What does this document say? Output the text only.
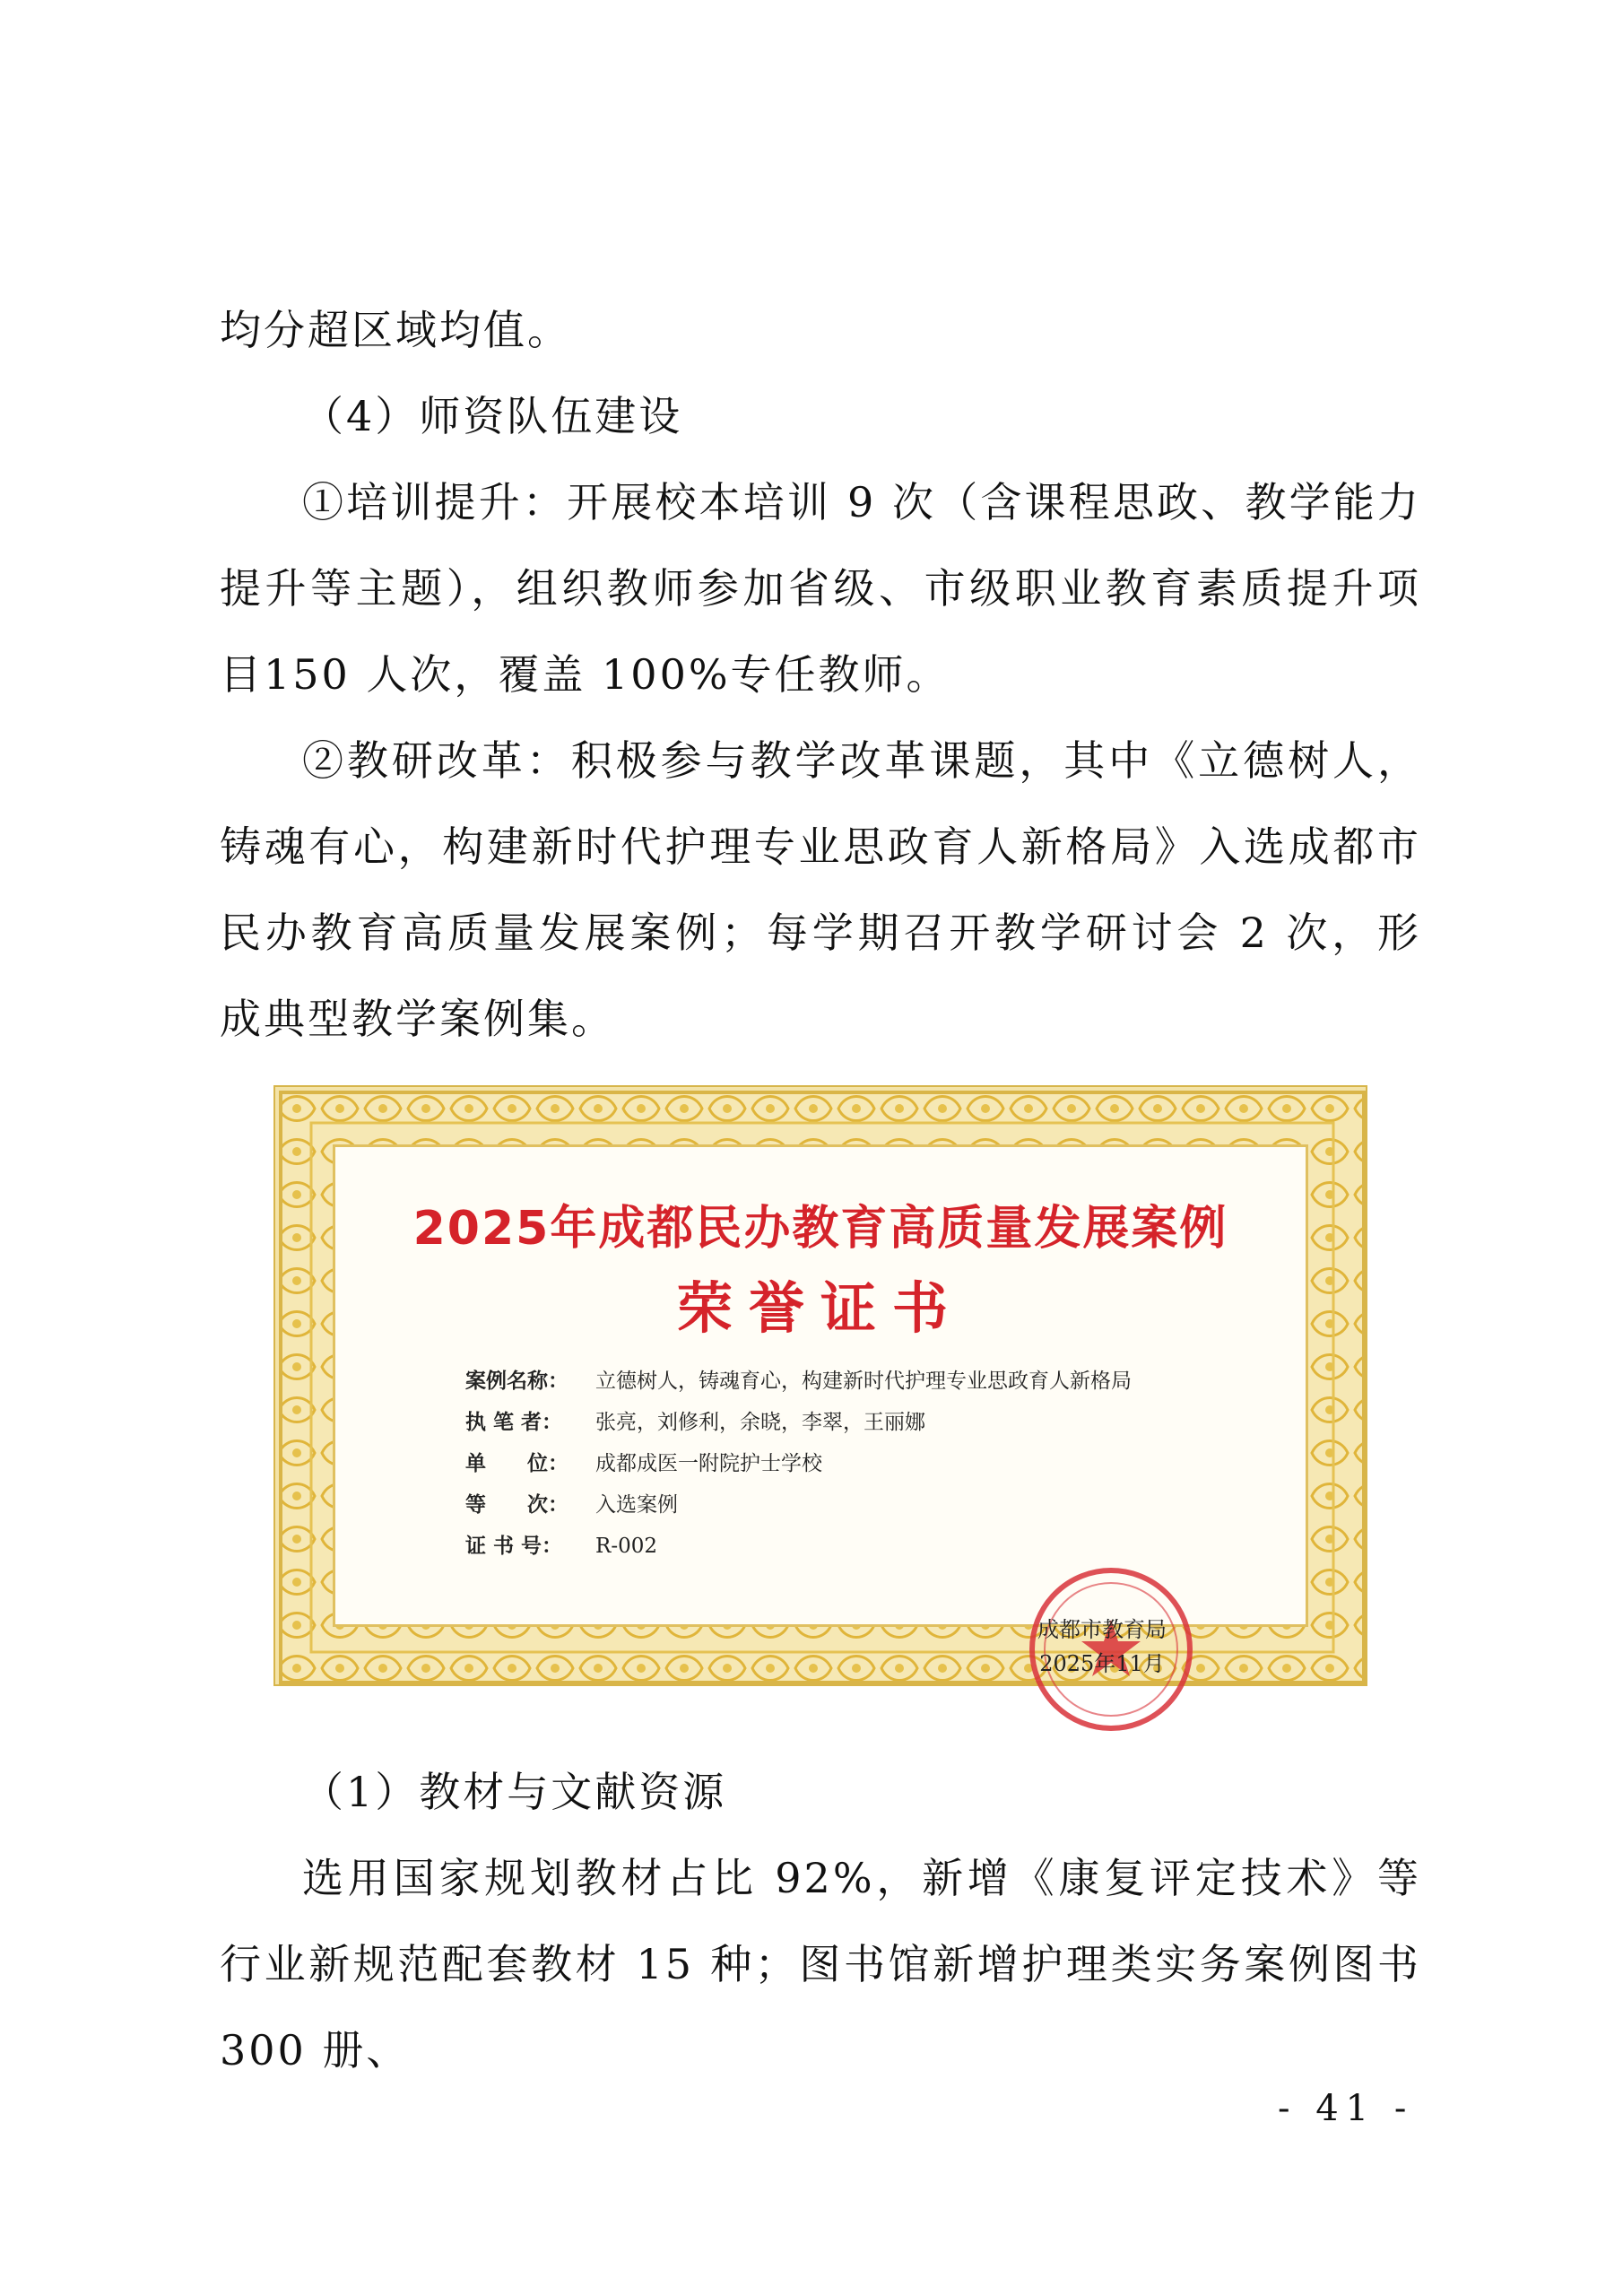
均分超区域均值。

（4）师资队伍建设

①培训提升：开展校本培训 9 次（含课程思政、教学能力提升等主题），组织教师参加省级、市级职业教育素质提升项目150 人次，覆盖 100%专任教师。

②教研改革：积极参与教学改革课题，其中《立德树人，铸魂有心，构建新时代护理专业思政育人新格局》入选成都市民办教育高质量发展案例；每学期召开教学研讨会 2 次，形成典型教学案例集。

2025年成都民办教育高质量发展案例
荣誉证书
案例名称：	立德树人，铸魂育心，构建新时代护理专业思政育人新格局
执 笔 者：	张亮，刘修利，余晓，李翠，王丽娜
单　　位：	成都成医一附院护士学校
等　　次：	入选案例
证 书 号：	R-002
成都市教育局
2025年11月

（1）教材与文献资源

选用国家规划教材占比 92%，新增《康复评定技术》等行业新规范配套教材 15 种；图书馆新增护理类实务案例图书 300 册、

- 41 -
